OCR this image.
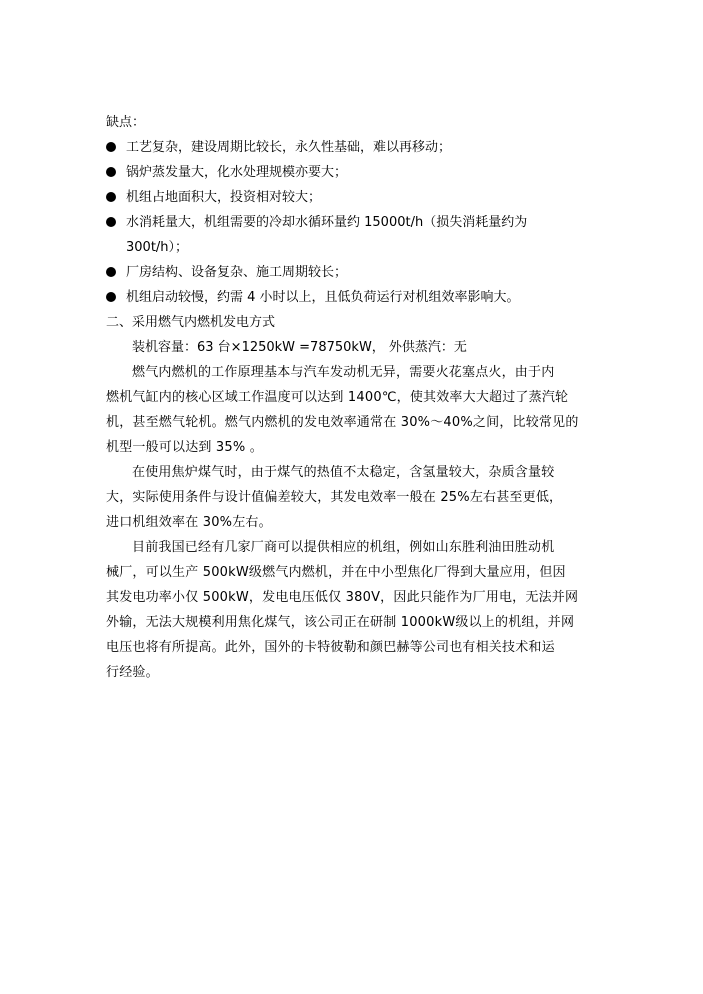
缺点：
工艺复杂，建设周期比较长，永久性基础，难以再移动；
锅炉蒸发量大，化水处理规模亦要大；
机组占地面积大，投资相对较大；
水消耗量大，机组需要的冷却水循环量约 15000t/h（损失消耗量约为
300t/h）；
厂房结构、设备复杂、施工周期较长；
机组启动较慢，约需 4 小时以上，且低负荷运行对机组效率影响大。
二、采用燃气内燃机发电方式
装机容量：63 台×1250kW =78750kW， 外供蒸汽：无
燃气内燃机的工作原理基本与汽车发动机无异，需要火花塞点火，由于内
燃机气缸内的核心区域工作温度可以达到 1400℃，使其效率大大超过了蒸汽轮
机，甚至燃气轮机。燃气内燃机的发电效率通常在 30%～40%之间，比较常见的
机型一般可以达到 35% 。
在使用焦炉煤气时，由于煤气的热值不太稳定，含氢量较大，杂质含量较
大，实际使用条件与设计值偏差较大，其发电效率一般在 25%左右甚至更低，
进口机组效率在 30%左右。
目前我国已经有几家厂商可以提供相应的机组，例如山东胜利油田胜动机
械厂，可以生产 500kW级燃气内燃机，并在中小型焦化厂得到大量应用，但因
其发电功率小仅 500kW，发电电压低仅 380V，因此只能作为厂用电，无法并网
外输，无法大规模利用焦化煤气，该公司正在研制 1000kW级以上的机组，并网
电压也将有所提高。此外，国外的卡特彼勒和颜巴赫等公司也有相关技术和运
行经验。
